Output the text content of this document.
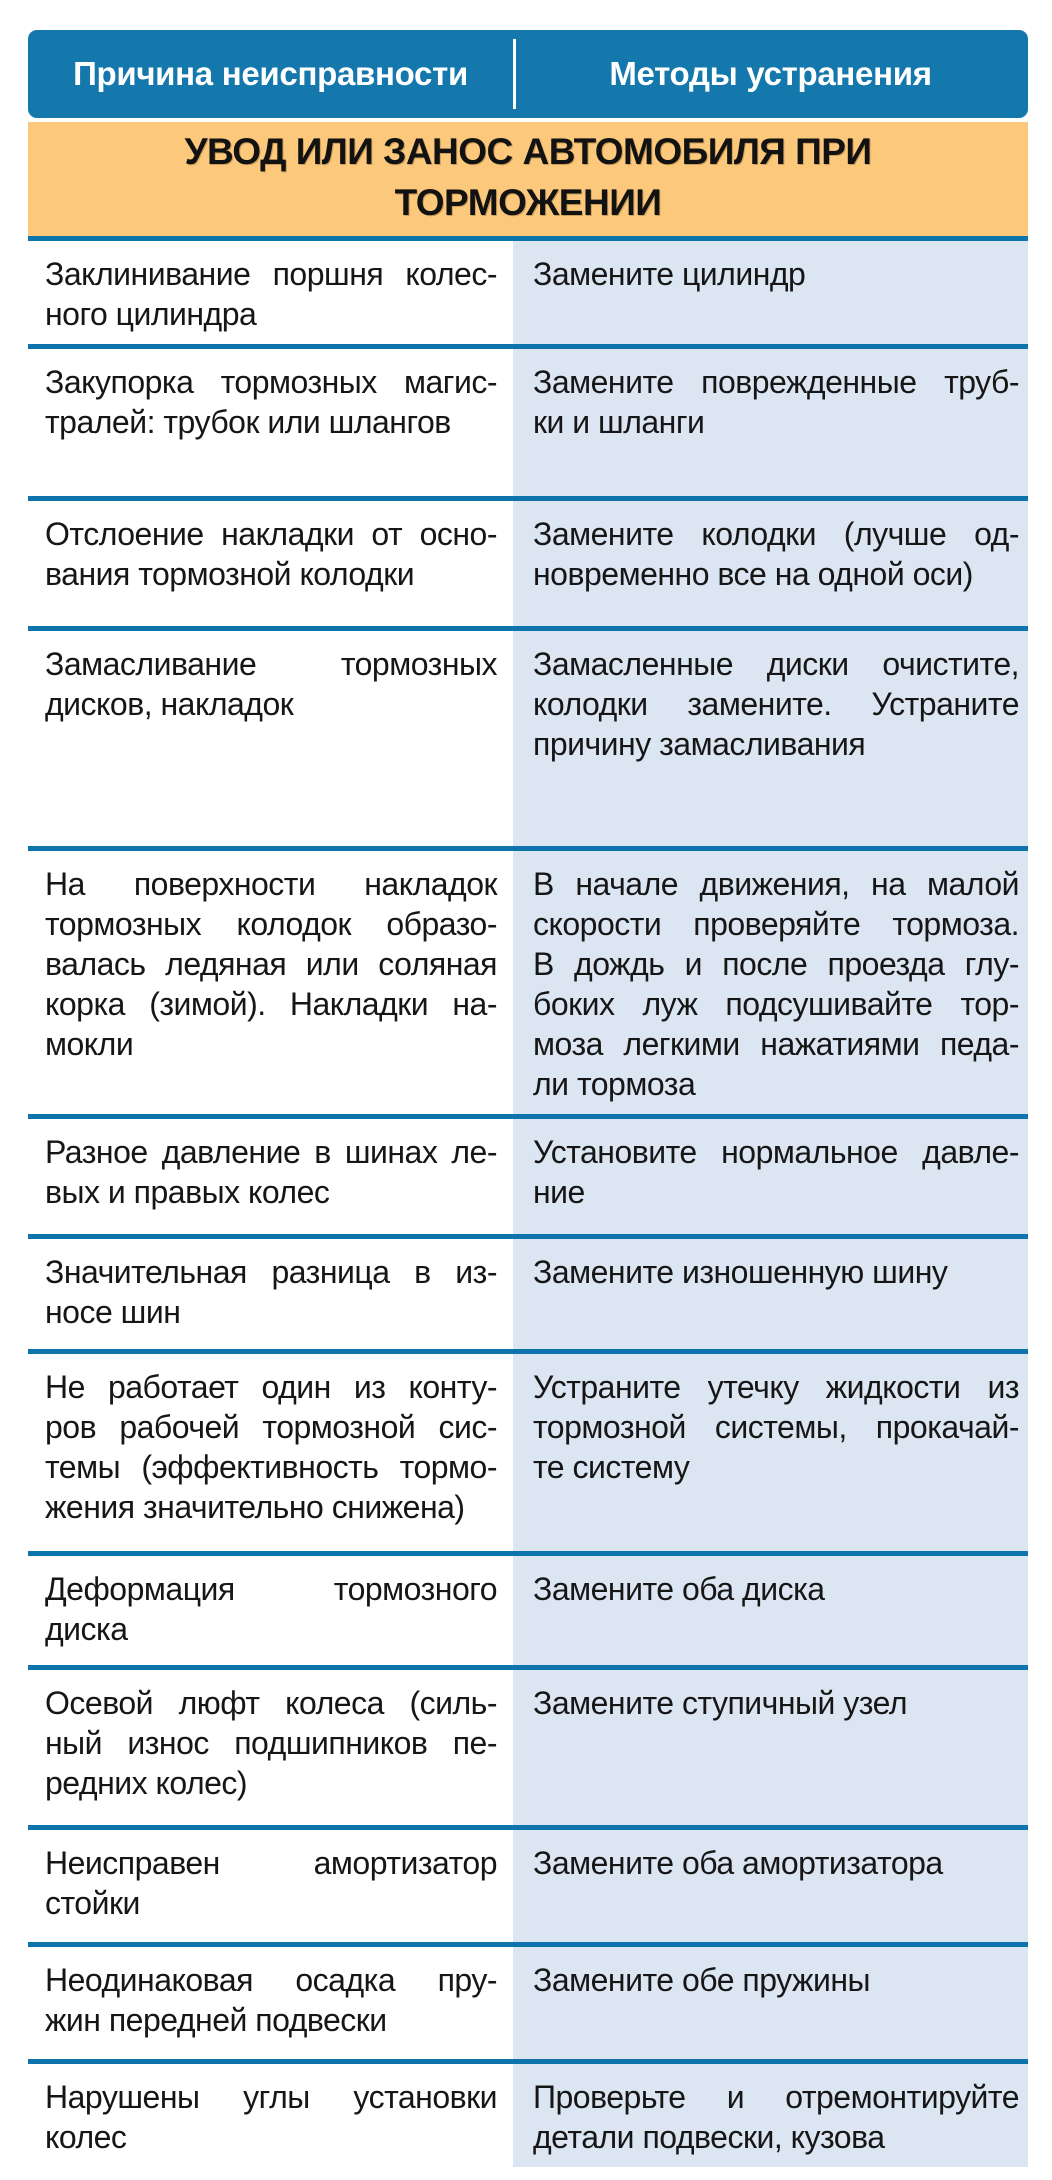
Причина неисправности	Методы устранения
УВОД ИЛИ ЗАНОС АВТОМОБИЛЯ ПРИ
ТОРМОЖЕНИИ
Заклинивание поршня колес-
ного цилиндра
Замените цилиндр
Закупорка тормозных магис-
тралей: трубок или шлангов
Замените поврежденные труб-
ки и шланги
Отслоение накладки от осно-
вания тормозной колодки
Замените колодки (лучше од-
новременно все на одной оси)
Замасливание тормозных
дисков, накладок
Замасленные диски очистите,
колодки замените. Устраните
причину замасливания
На поверхности накладок
тормозных колодок образо-
валась ледяная или соляная
корка (зимой). Накладки на-
мокли
В начале движения, на малой
скорости проверяйте тормоза.
В дождь и после проезда глу-
боких луж подсушивайте тор-
моза легкими нажатиями педа-
ли тормоза
Разное давление в шинах ле-
вых и правых колес
Установите нормальное давле-
ние
Значительная разница в из-
носе шин
Замените изношенную шину
Не работает один из конту-
ров рабочей тормозной сис-
темы (эффективность тормо-
жения значительно снижена)
Устраните утечку жидкости из
тормозной системы, прокачай-
те систему
Деформация тормозного
диска
Замените оба диска
Осевой люфт колеса (силь-
ный износ подшипников пе-
редних колес)
Замените ступичный узел
Неисправен амортизатор
стойки
Замените оба амортизатора
Неодинаковая осадка пру-
жин передней подвески
Замените обе пружины
Нарушены углы установки
колес
Проверьте и отремонтируйте
детали подвески, кузова
